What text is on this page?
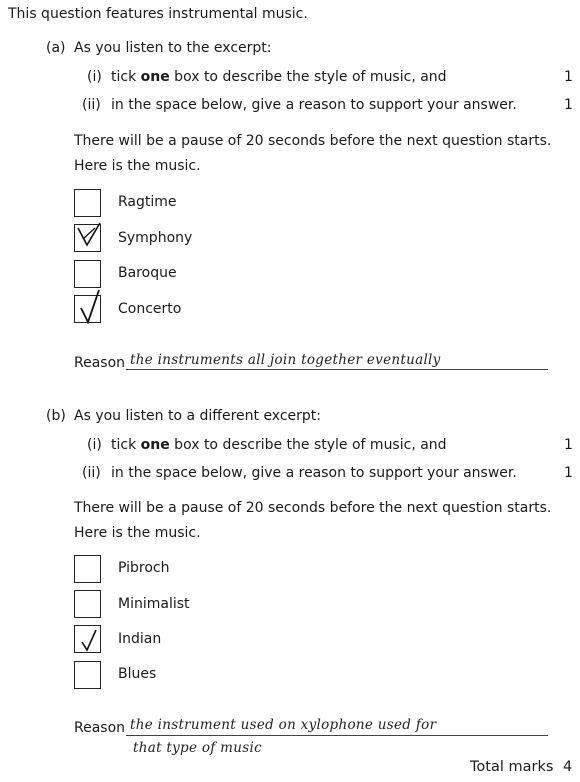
This question features instrumental music.
(a) As you listen to the excerpt:
(i) tick one box to describe the style of music, and	1
(ii) in the space below, give a reason to support your answer.	1
There will be a pause of 20 seconds before the next question starts.
Here is the music.
Ragtime
Symphony
Baroque
Concerto
Reason the instruments all join together eventually
(b) As you listen to a different excerpt:
(i) tick one box to describe the style of music, and	1
(ii) in the space below, give a reason to support your answer.	1
There will be a pause of 20 seconds before the next question starts.
Here is the music.
Pibroch
Minimalist
Indian
Blues
Reason the instrument used on xylophone used for
that type of music
Total marks 4
